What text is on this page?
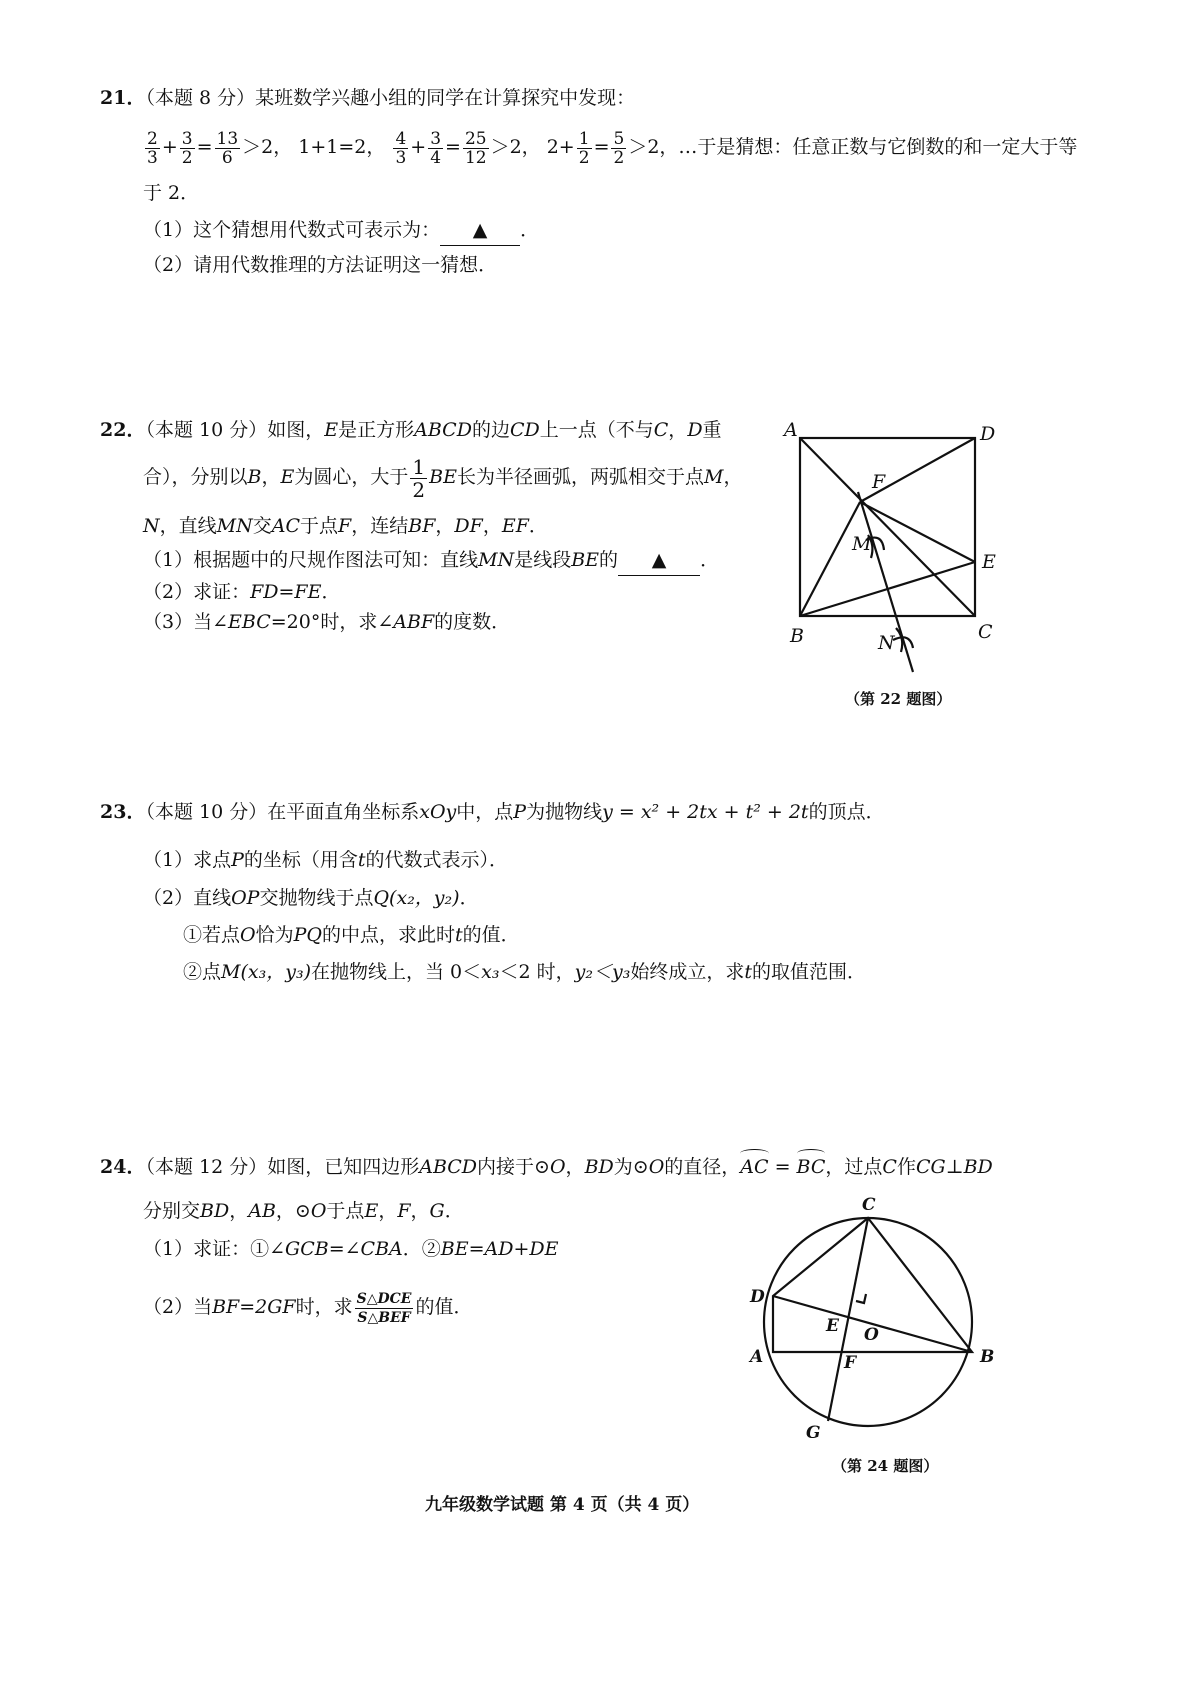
21．（本题 8 分）某班数学兴趣小组的同学在计算探究中发现：
$\frac{2}{3} + \frac{3}{2} = \frac{13}{6} >2$， 1+1=2， $\frac{4}{3} + \frac{3}{4} = \frac{25}{12} >2$， $2+ \frac{1}{2} = \frac{5}{2} >2$，…于是猜想：任意正数与它倒数的和一定大于等
于 2．
（1）这个猜想用代数式可表示为： ▲ ．
（2）请用代数推理的方法证明这一猜想．
22．（本题 10 分）如图，E是正方形ABCD的边CD上一点（不与C，D重
合），分别以B，E为圆心，大于 $\frac{1}{2}$ BE长为半径画弧，两弧相交于点M，
N，直线MN交AC于点F，连结BF，DF，EF．
（1）根据题中的尺规作图法可知：直线MN是线段BE的 ▲ ．
（2）求证：FD=FE．
（3）当∠EBC=20°时，求∠ABF的度数．
A	D
F
M
E
B	C
N
（第 22 题图）
23．（本题 10 分）在平面直角坐标系xOy中，点P为抛物线y = x² + 2tx + t² + 2t的顶点．
（1）求点P的坐标（用含t的代数式表示）．
（2）直线OP交抛物线于点Q(x₂，y₂)．
①若点O恰为PQ的中点，求此时t的值．
②点M(x₃，y₃)在抛物线上，当 0＜x₃＜2 时，y₂＜y₃始终成立，求t的取值范围．
24．（本题 12 分）如图，已知四边形ABCD内接于⊙O，BD为⊙O的直径，AC = BC，过点C作CG⊥BD
分别交BD，AB，⊙O于点E，F，G．
（1）求证：①∠GCB=∠CBA．②BE=AD+DE
（2）当BF=2GF时，求 $\frac{\text{S△DCE}}{\text{S△BEF}}$ 的值．
C
D
E O
A	F	B
G
（第 24 题图）
九年级数学试题 第 4 页（共 4 页）
